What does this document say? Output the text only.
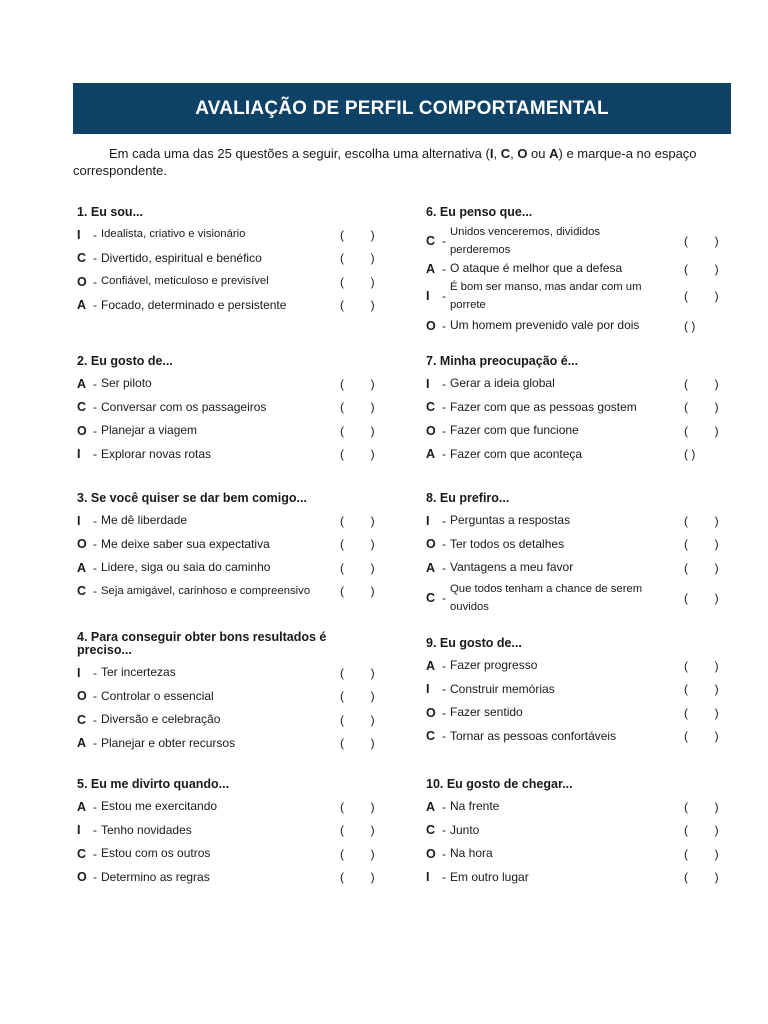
AVALIAÇÃO DE PERFIL COMPORTAMENTAL
Em cada uma das 25 questões a seguir, escolha uma alternativa (I, C, O ou A) e marque-a no espaço correspondente.
1. Eu sou...
I	- Idealista, criativo e visionário	(        )
C - Divertido, espiritual e benéfico	(        )
O - Confiável, meticuloso e previsível	(        )
A - Focado, determinado e persistente	(        )
2. Eu gosto de...
A - Ser piloto	(        )
C - Conversar com os passageiros	(        )
O - Planejar a viagem	(        )
I	- Explorar novas rotas	(        )
3. Se você quiser se dar bem comigo...
I	- Me dê liberdade	(        )
O - Me deixe saber sua expectativa	(        )
A - Lidere, siga ou saia do caminho	(        )
C - Seja amigável, carinhoso e compreensivo (        )
4. Para conseguir obter bons resultados é preciso...
I	- Ter incertezas	(        )
O - Controlar o essencial	(        )
C - Diversão e celebração	(        )
A - Planejar e obter recursos	(        )
5. Eu me divirto quando...
A - Estou me exercitando	(        )
I	- Tenho novidades	(        )
C - Estou com os outros	(        )
O - Determino as regras	(        )
6. Eu penso que...
C -
Unidos venceremos, divididos perderemos
(        )
A - O ataque é melhor que a defesa	(        )
I	-
É bom ser manso, mas andar com um porrete
(        )
O - Um homem prevenido vale por dois	( )
7. Minha preocupação é...
I	- Gerar a ideia global	(        )
C - Fazer com que as pessoas gostem	(        )
O - Fazer com que funcione	(        )
A - Fazer com que aconteça	( )
8. Eu prefiro...
I	- Perguntas a respostas	(        )
O - Ter todos os detalhes	(        )
A - Vantagens a meu favor	(        )
C -
Que todos tenham a chance de serem ouvidos
(        )
9. Eu gosto de...
A - Fazer progresso	(        )
I	- Construir memórias	(        )
O - Fazer sentido	(        )
C - Tornar as pessoas confortáveis	(        )
10. Eu gosto de chegar...
A - Na frente	(        )
C - Junto	(        )
O - Na hora	(        )
I	- Em outro lugar	(        )
